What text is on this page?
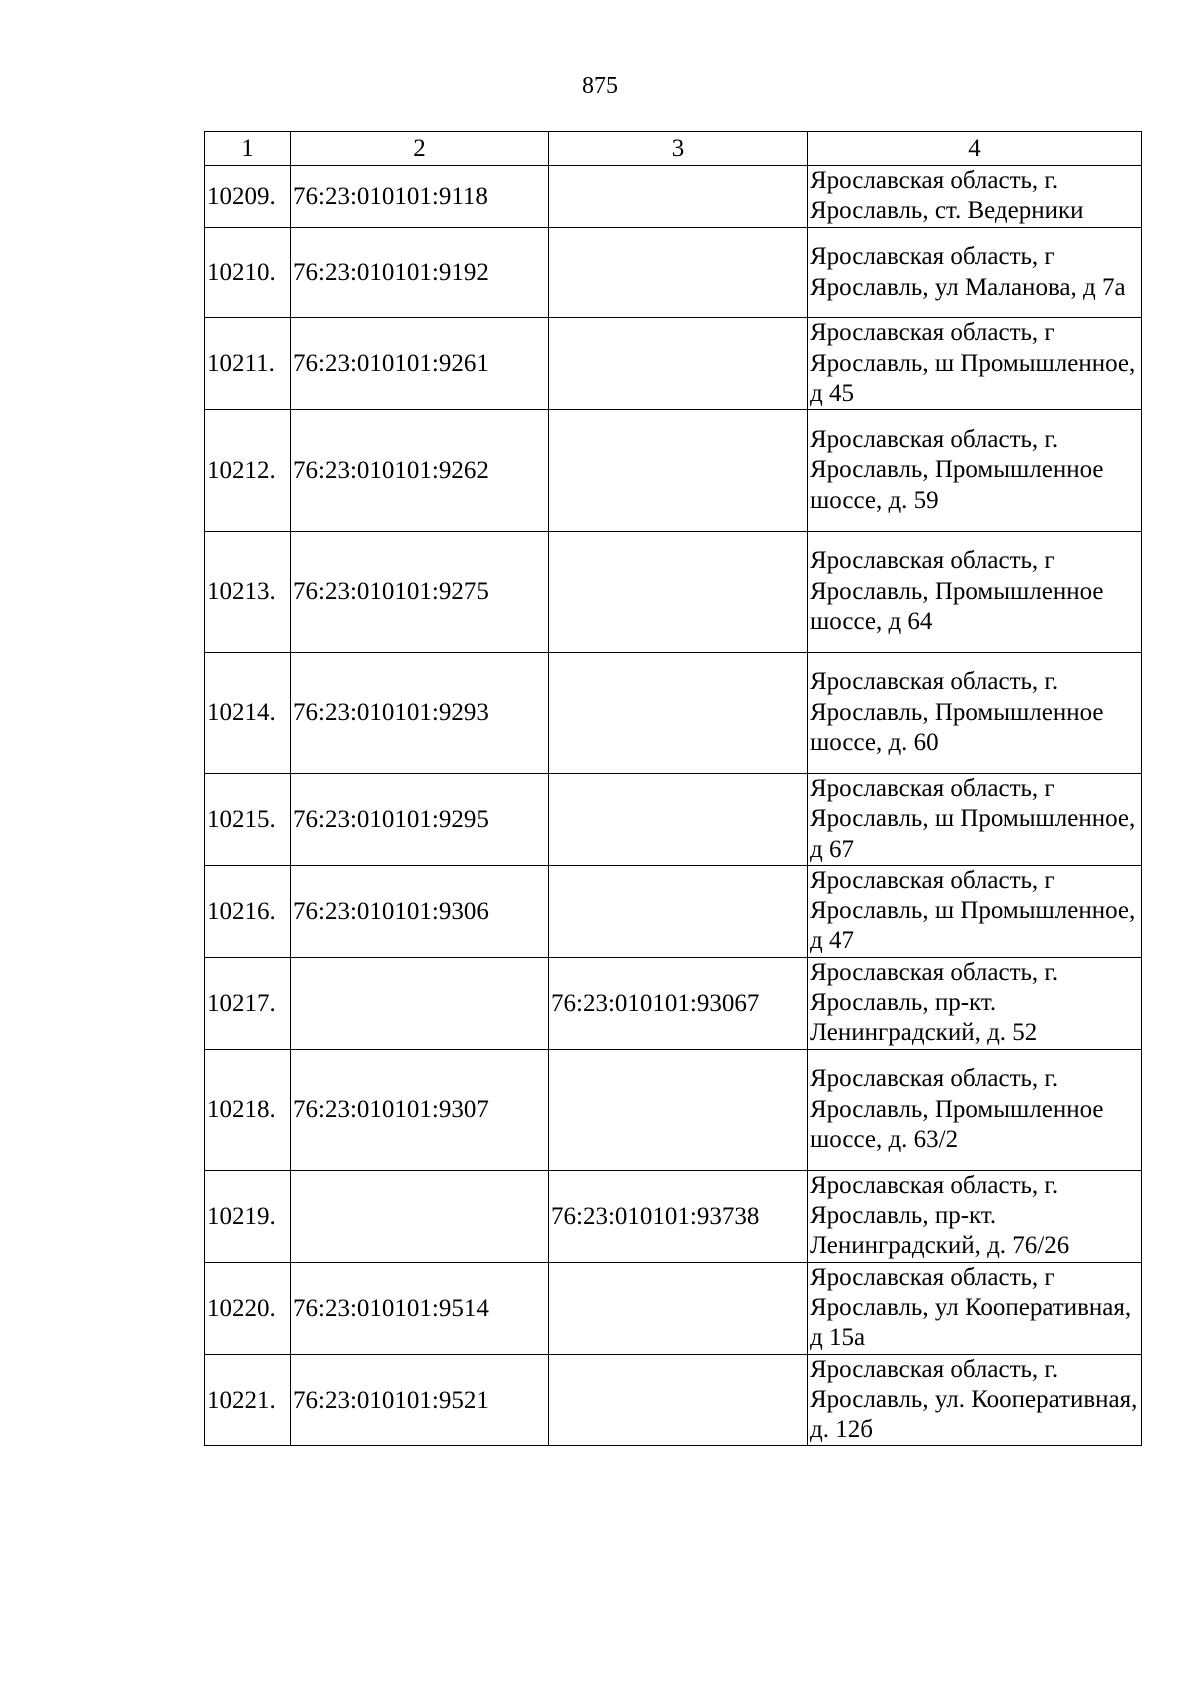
875
1	2	3	4
10209.	76:23:010101:9118		Ярославская область, г. Ярославль, ст. Ведерники
10210.	76:23:010101:9192		Ярославская область, г Ярославль, ул Маланова, д 7а
10211.	76:23:010101:9261		Ярославская область, г Ярославль, ш Промышленное, д 45
10212.	76:23:010101:9262		Ярославская область, г. Ярославль, Промышленное шоссе, д. 59
10213.	76:23:010101:9275		Ярославская область, г Ярославль, Промышленное шоссе, д 64
10214.	76:23:010101:9293		Ярославская область, г. Ярославль, Промышленное шоссе, д. 60
10215.	76:23:010101:9295		Ярославская область, г Ярославль, ш Промышленное, д 67
10216.	76:23:010101:9306		Ярославская область, г Ярославль, ш Промышленное, д 47
10217.		76:23:010101:93067	Ярославская область, г. Ярославль, пр-кт. Ленинградский, д. 52
10218.	76:23:010101:9307		Ярославская область, г. Ярославль, Промышленное шоссе, д. 63/2
10219.		76:23:010101:93738	Ярославская область, г. Ярославль, пр-кт. Ленинградский, д. 76/26
10220.	76:23:010101:9514		Ярославская область, г Ярославль, ул Кооперативная, д 15а
10221.	76:23:010101:9521		Ярославская область, г. Ярославль, ул. Кооперативная, д. 12б
